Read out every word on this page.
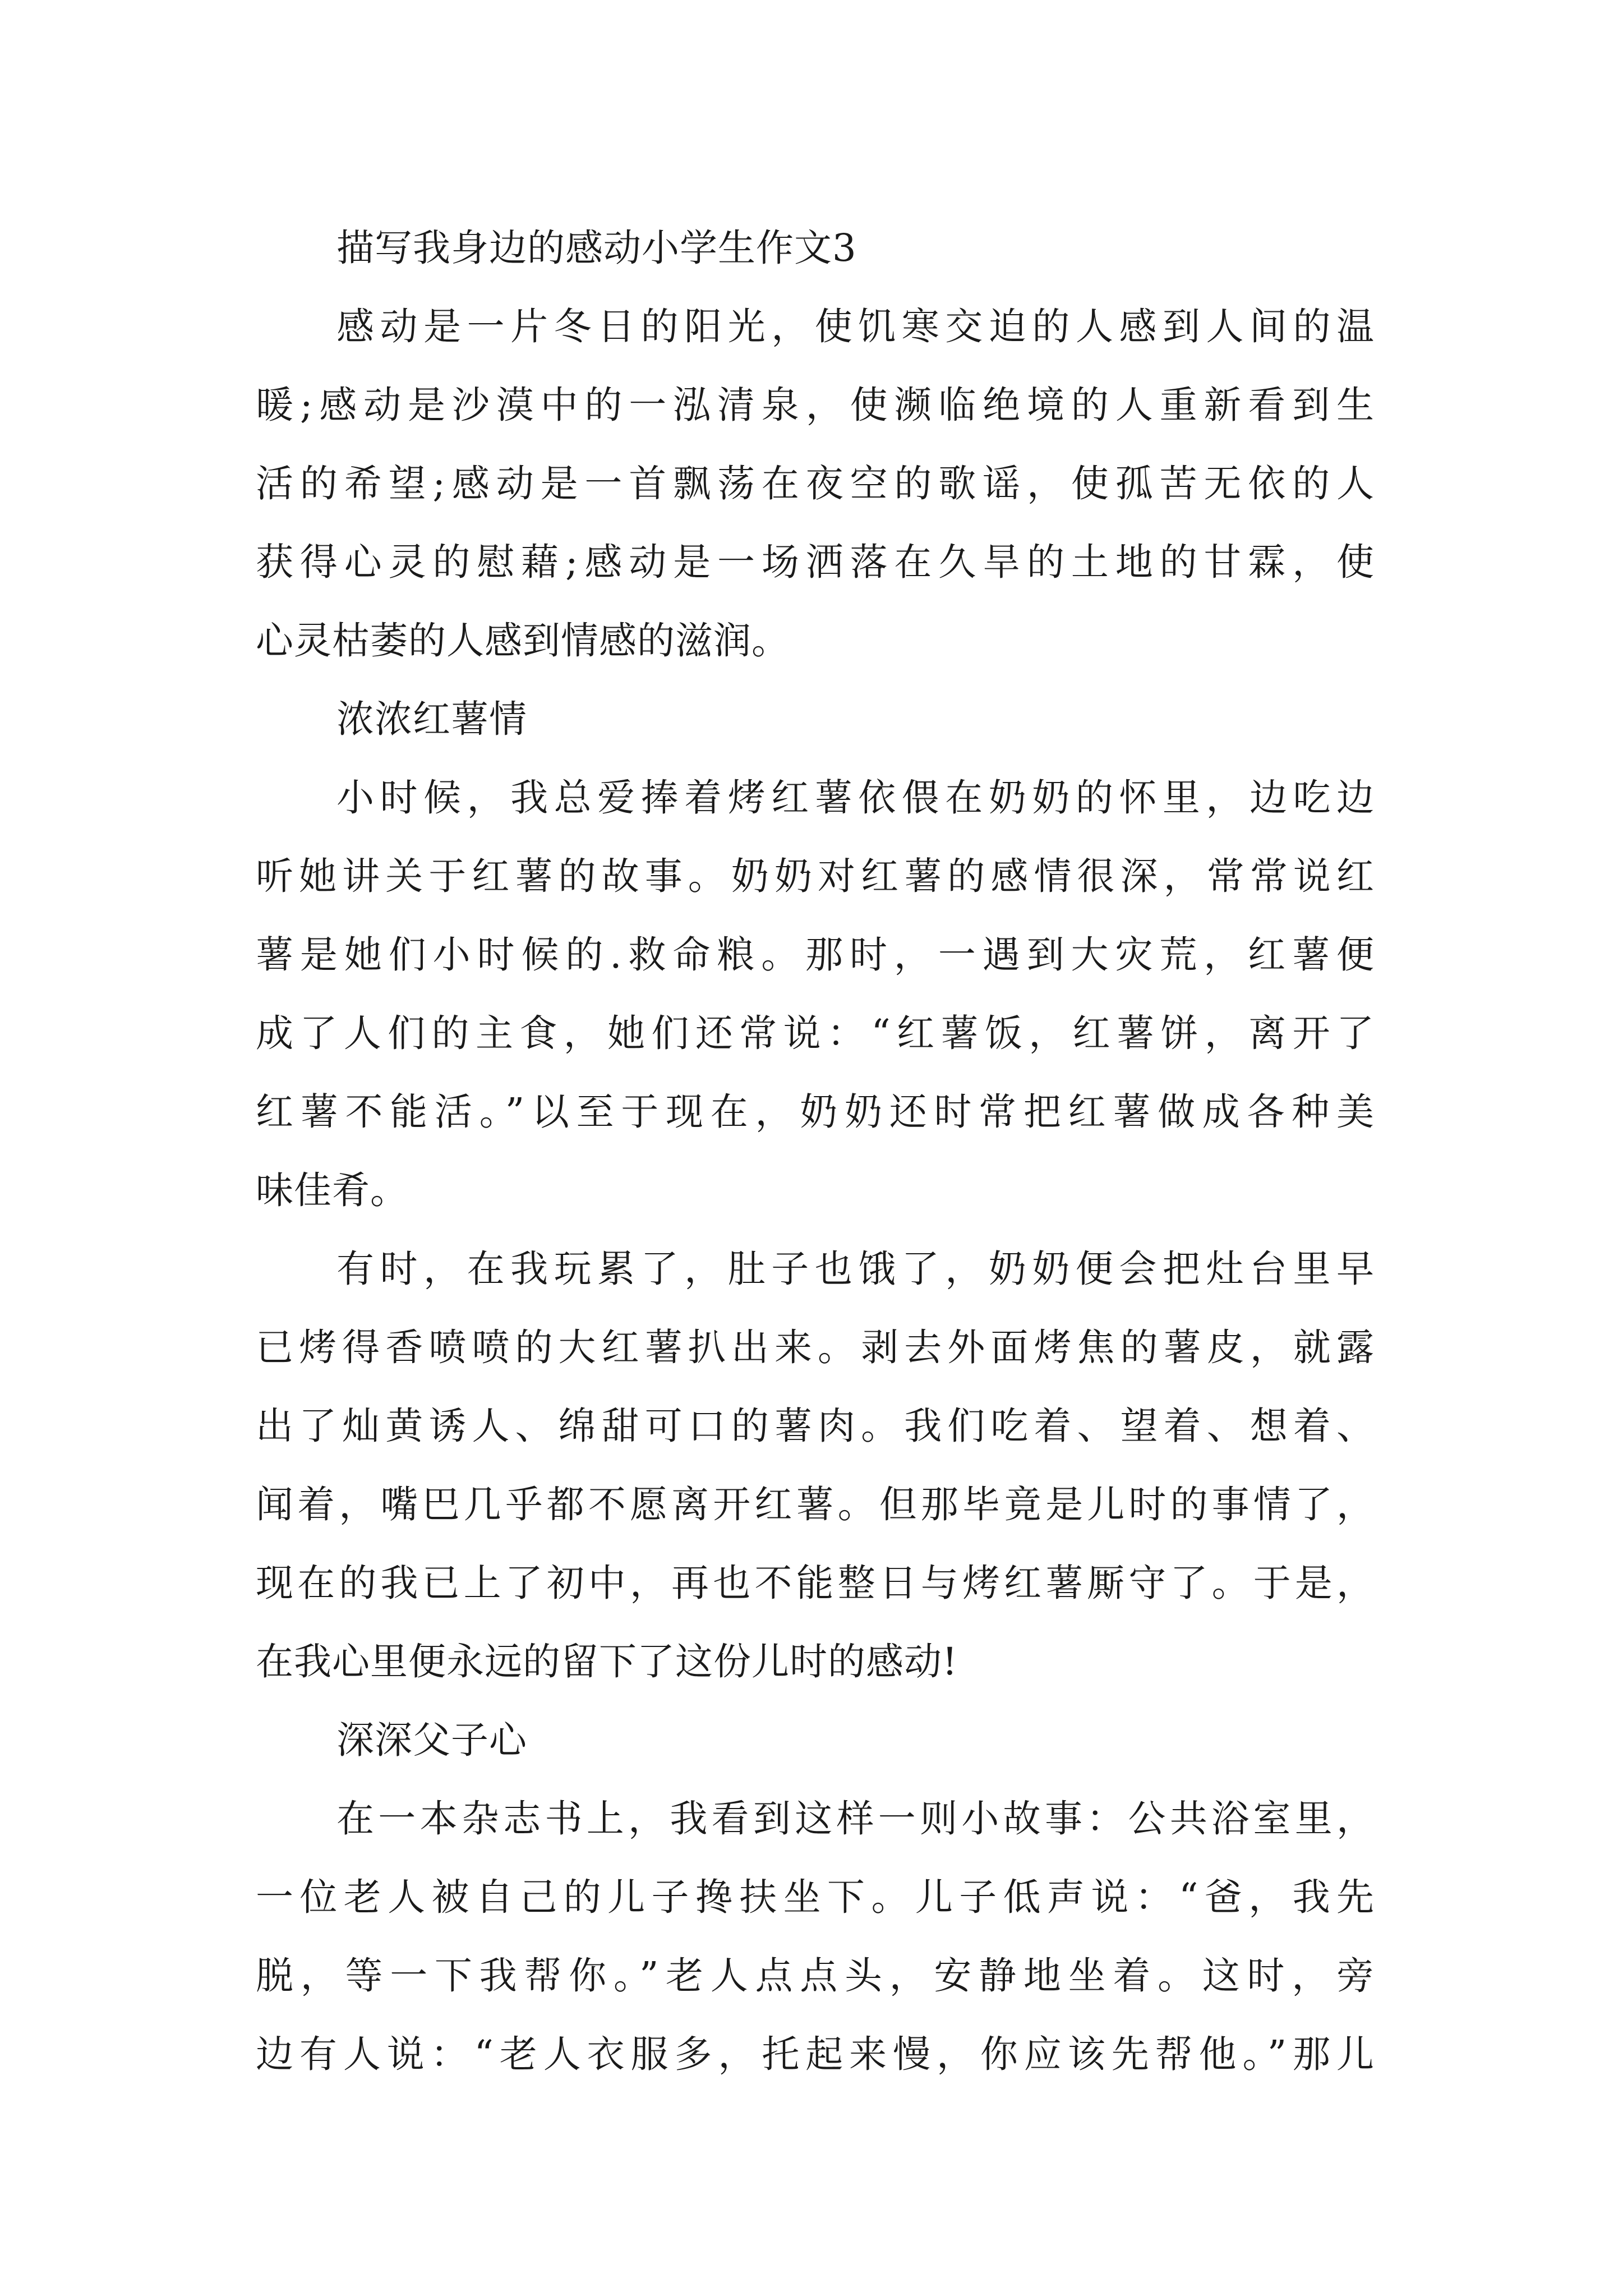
描写我身边的感动小学生作文3
感动是一片冬日的阳光，使饥寒交迫的人感到人间的温
暖;感动是沙漠中的一泓清泉，使濒临绝境的人重新看到生
活的希望;感动是一首飘荡在夜空的歌谣，使孤苦无依的人
获得心灵的慰藉;感动是一场洒落在久旱的土地的甘霖，使
心灵枯萎的人感到情感的滋润。
浓浓红薯情
小时候，我总爱捧着烤红薯依偎在奶奶的怀里，边吃边
听她讲关于红薯的故事。奶奶对红薯的感情很深，常常说红
薯是她们小时候的.救命粮。那时，一遇到大灾荒，红薯便
成了人们的主食，她们还常说：“红薯饭，红薯饼，离开了
红薯不能活。”以至于现在，奶奶还时常把红薯做成各种美
味佳肴。
有时，在我玩累了，肚子也饿了，奶奶便会把灶台里早
已烤得香喷喷的大红薯扒出来。剥去外面烤焦的薯皮，就露
出了灿黄诱人、绵甜可口的薯肉。我们吃着、望着、想着、
闻着，嘴巴几乎都不愿离开红薯。但那毕竟是儿时的事情了，
现在的我已上了初中，再也不能整日与烤红薯厮守了。于是，
在我心里便永远的留下了这份儿时的感动!
深深父子心
在一本杂志书上，我看到这样一则小故事：公共浴室里，
一位老人被自己的儿子搀扶坐下。儿子低声说：“爸，我先
脱，等一下我帮你。”老人点点头，安静地坐着。这时，旁
边有人说：“老人衣服多，托起来慢，你应该先帮他。”那儿
